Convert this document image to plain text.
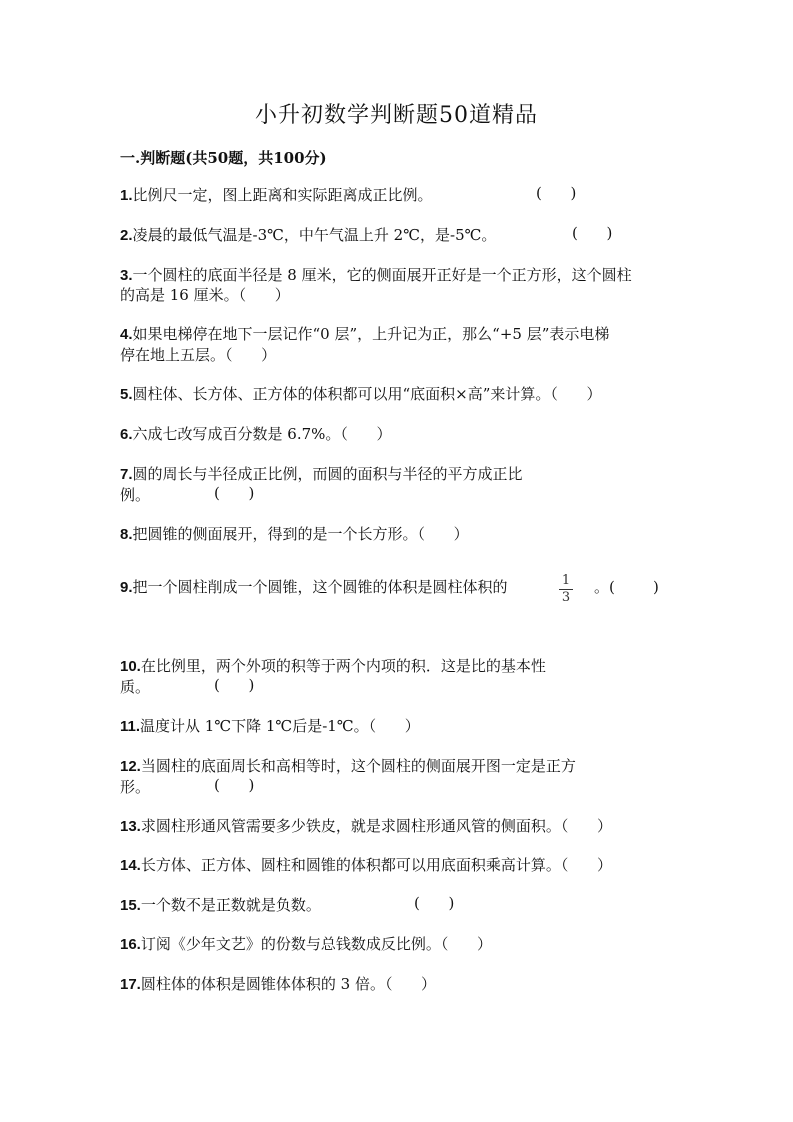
小升初数学判断题50道精品
一.判断题(共50题，共100分)
1.比例尺一定，图上距离和实际距离成正比例。	(      )
2.凌晨的最低气温是-3℃，中午气温上升 2℃，是-5℃。	(      )
3.一个圆柱的底面半径是 8 厘米，它的侧面展开正好是一个正方形，这个圆柱
的高是 16 厘米。（      ）
4.如果电梯停在地下一层记作“0 层”，上升记为正，那么“+5 层”表示电梯
停在地上五层。（      ）
5.圆柱体、长方体、正方体的体积都可以用“底面积×高”来计算。（      ）
6.六成七改写成百分数是 6.7%。（      ）
7.圆的周长与半径成正比例，而圆的面积与半径的平方成正比
例。	(      )
8.把圆锥的侧面展开，得到的是一个长方形。（      ）
9.把一个圆柱削成一个圆锥，这个圆锥的体积是圆柱体积的	1
3
。(        )
10.在比例里，两个外项的积等于两个内项的积．这是比的基本性
质。	(      )
11.温度计从 1℃下降 1℃后是-1℃。（      ）
12.当圆柱的底面周长和高相等时，这个圆柱的侧面展开图一定是正方
形。	(      )
13.求圆柱形通风管需要多少铁皮，就是求圆柱形通风管的侧面积。（      ）
14.长方体、正方体、圆柱和圆锥的体积都可以用底面积乘高计算。（      ）
15.一个数不是正数就是负数。	(      )
16.订阅《少年文艺》的份数与总钱数成反比例。（      ）
17.圆柱体的体积是圆锥体体积的 3 倍。（      ）
